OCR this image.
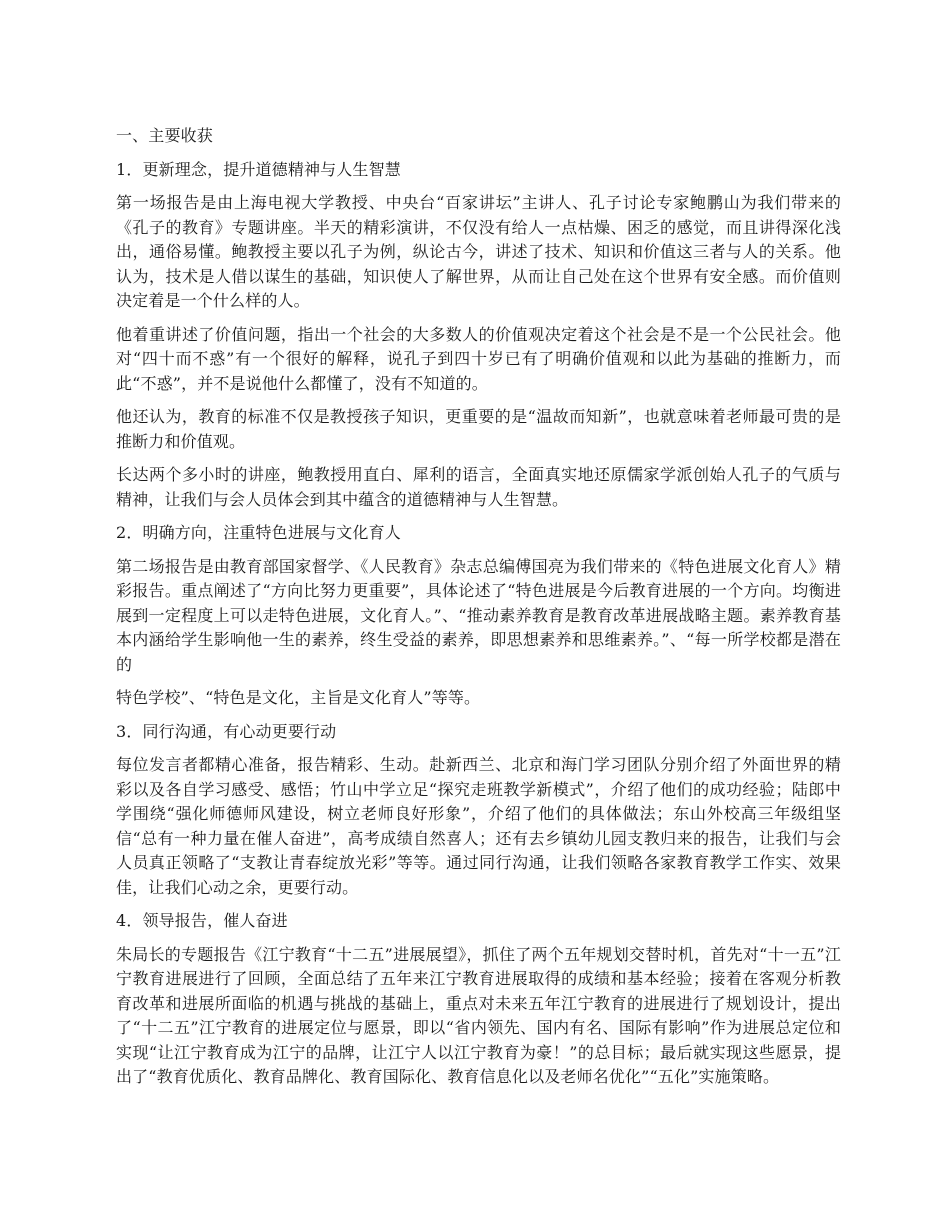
一、主要收获

1．更新理念，提升道德精神与人生智慧

第一场报告是由上海电视大学教授、中央台“百家讲坛”主讲人、孔子讨论专家鲍鹏山为我们带来的《孔子的教育》专题讲座。半天的精彩演讲，不仅没有给人一点枯燥、困乏的感觉，而且讲得深化浅出，通俗易懂。鲍教授主要以孔子为例，纵论古今，讲述了技术、知识和价值这三者与人的关系。他认为，技术是人借以谋生的基础，知识使人了解世界，从而让自己处在这个世界有安全感。而价值则决定着是一个什么样的人。

他着重讲述了价值问题，指出一个社会的大多数人的价值观决定着这个社会是不是一个公民社会。他对“四十而不惑”有一个很好的解释，说孔子到四十岁已有了明确价值观和以此为基础的推断力，而此“不惑”，并不是说他什么都懂了，没有不知道的。

他还认为，教育的标准不仅是教授孩子知识，更重要的是“温故而知新”，也就意味着老师最可贵的是推断力和价值观。

长达两个多小时的讲座，鲍教授用直白、犀利的语言，全面真实地还原儒家学派创始人孔子的气质与精神，让我们与会人员体会到其中蕴含的道德精神与人生智慧。

2．明确方向，注重特色进展与文化育人

第二场报告是由教育部国家督学、《人民教育》杂志总编傅国亮为我们带来的《特色进展文化育人》精彩报告。重点阐述了“方向比努力更重要”，具体论述了“特色进展是今后教育进展的一个方向。均衡进展到一定程度上可以走特色进展，文化育人。”、“推动素养教育是教育改革进展战略主题。素养教育基本内涵给学生影响他一生的素养，终生受益的素养，即思想素养和思维素养。”、“每一所学校都是潜在的

特色学校”、“特色是文化，主旨是文化育人”等等。

3．同行沟通，有心动更要行动

每位发言者都精心准备，报告精彩、生动。赴新西兰、北京和海门学习团队分别介绍了外面世界的精彩以及各自学习感受、感悟；竹山中学立足“探究走班教学新模式”，介绍了他们的成功经验；陆郎中学围绕“强化师德师风建设，树立老师良好形象”，介绍了他们的具体做法；东山外校高三年级组坚信“总有一种力量在催人奋进”，高考成绩自然喜人；还有去乡镇幼儿园支教归来的报告，让我们与会人员真正领略了“支教让青春绽放光彩”等等。通过同行沟通，让我们领略各家教育教学工作实、效果佳，让我们心动之余，更要行动。

4．领导报告，催人奋进

朱局长的专题报告《江宁教育“十二五”进展展望》，抓住了两个五年规划交替时机，首先对“十一五”江宁教育进展进行了回顾，全面总结了五年来江宁教育进展取得的成绩和基本经验；接着在客观分析教育改革和进展所面临的机遇与挑战的基础上，重点对未来五年江宁教育的进展进行了规划设计，提出了“十二五”江宁教育的进展定位与愿景，即以“省内领先、国内有名、国际有影响”作为进展总定位和实现“让江宁教育成为江宁的品牌，让江宁人以江宁教育为豪！”的总目标；最后就实现这些愿景，提出了“教育优质化、教育品牌化、教育国际化、教育信息化以及老师名优化”“五化”实施策略。
